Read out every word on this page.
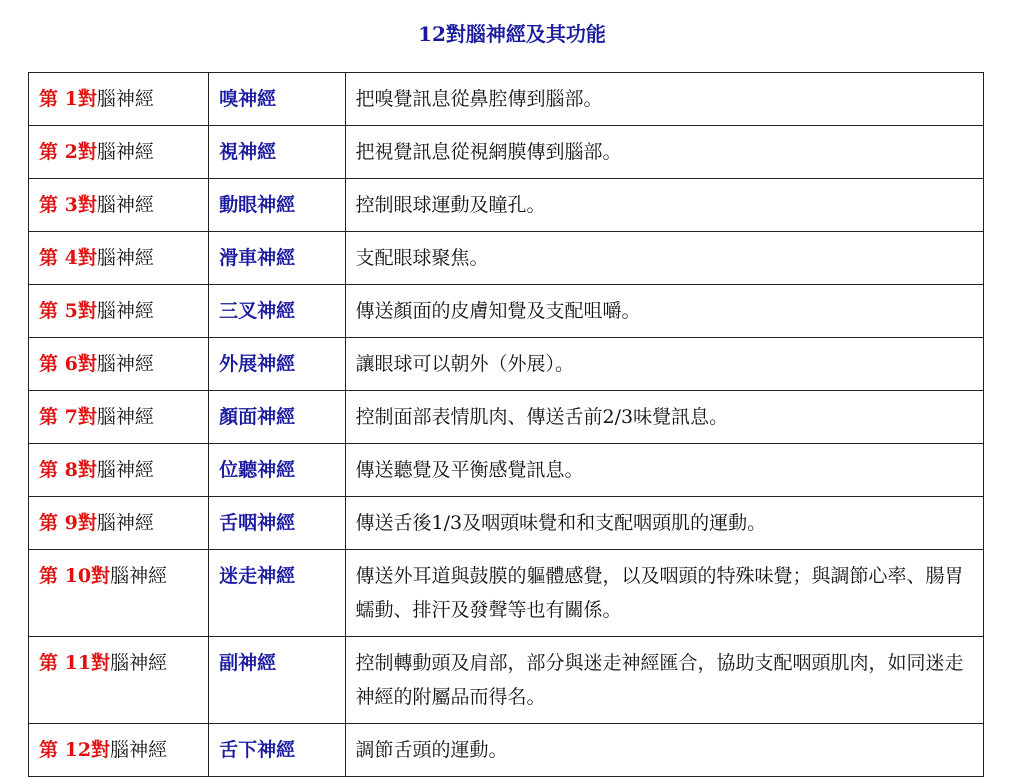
12對腦神經及其功能
第 1對腦神經	嗅神經	把嗅覺訊息從鼻腔傳到腦部。
第 2對腦神經	視神經	把視覺訊息從視網膜傳到腦部。
第 3對腦神經	動眼神經	控制眼球運動及瞳孔。
第 4對腦神經	滑車神經	支配眼球聚焦。
第 5對腦神經	三叉神經	傳送顏面的皮膚知覺及支配咀嚼。
第 6對腦神經	外展神經	讓眼球可以朝外（外展）。
第 7對腦神經	顏面神經	控制面部表情肌肉、傳送舌前2/3味覺訊息。
第 8對腦神經	位聽神經	傳送聽覺及平衡感覺訊息。
第 9對腦神經	舌咽神經	傳送舌後1/3及咽頭味覺和和支配咽頭肌的運動。
第 10對腦神經	迷走神經	傳送外耳道與鼓膜的軀體感覺，以及咽頭的特殊味覺；與調節心率、腸胃蠕動、排汗及發聲等也有關係。
第 11對腦神經	副神經	控制轉動頭及肩部，部分與迷走神經匯合，協助支配咽頭肌肉，如同迷走神經的附屬品而得名。
第 12對腦神經	舌下神經	調節舌頭的運動。
